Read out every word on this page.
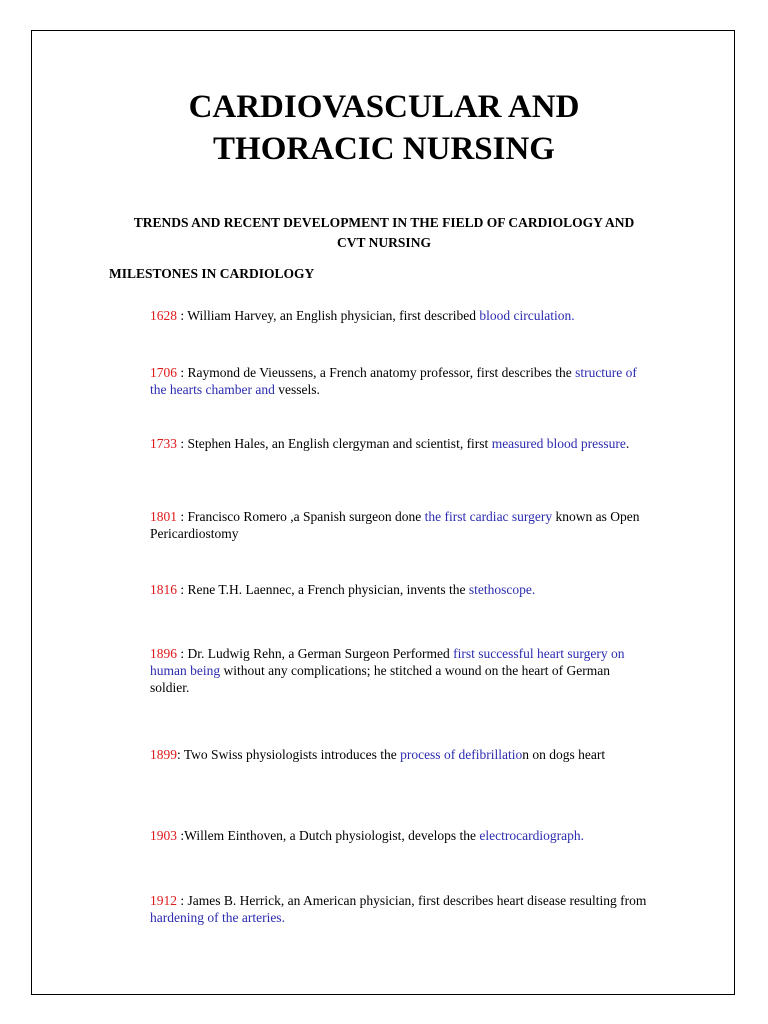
CARDIOVASCULAR AND
THORACIC NURSING
TRENDS AND RECENT DEVELOPMENT IN THE FIELD OF CARDIOLOGY AND
CVT NURSING
MILESTONES IN CARDIOLOGY
1628 : William Harvey, an English physician, first described blood circulation.
1706 : Raymond de Vieussens, a French anatomy professor, first describes the structure of the hearts chamber and vessels.
1733 : Stephen Hales, an English clergyman and scientist, first measured blood pressure.
1801 : Francisco Romero ,a Spanish surgeon done the first cardiac surgery known as Open Pericardiostomy
1816 : Rene T.H. Laennec, a French physician, invents the stethoscope.
1896 : Dr. Ludwig Rehn, a German Surgeon Performed first successful heart surgery on human being without any complications; he stitched a wound on the heart of German soldier.
1899: Two Swiss physiologists introduces the process of defibrillation on dogs heart
1903 :Willem Einthoven, a Dutch physiologist, develops the electrocardiograph.
1912 : James B. Herrick, an American physician, first describes heart disease resulting from hardening of the arteries.
